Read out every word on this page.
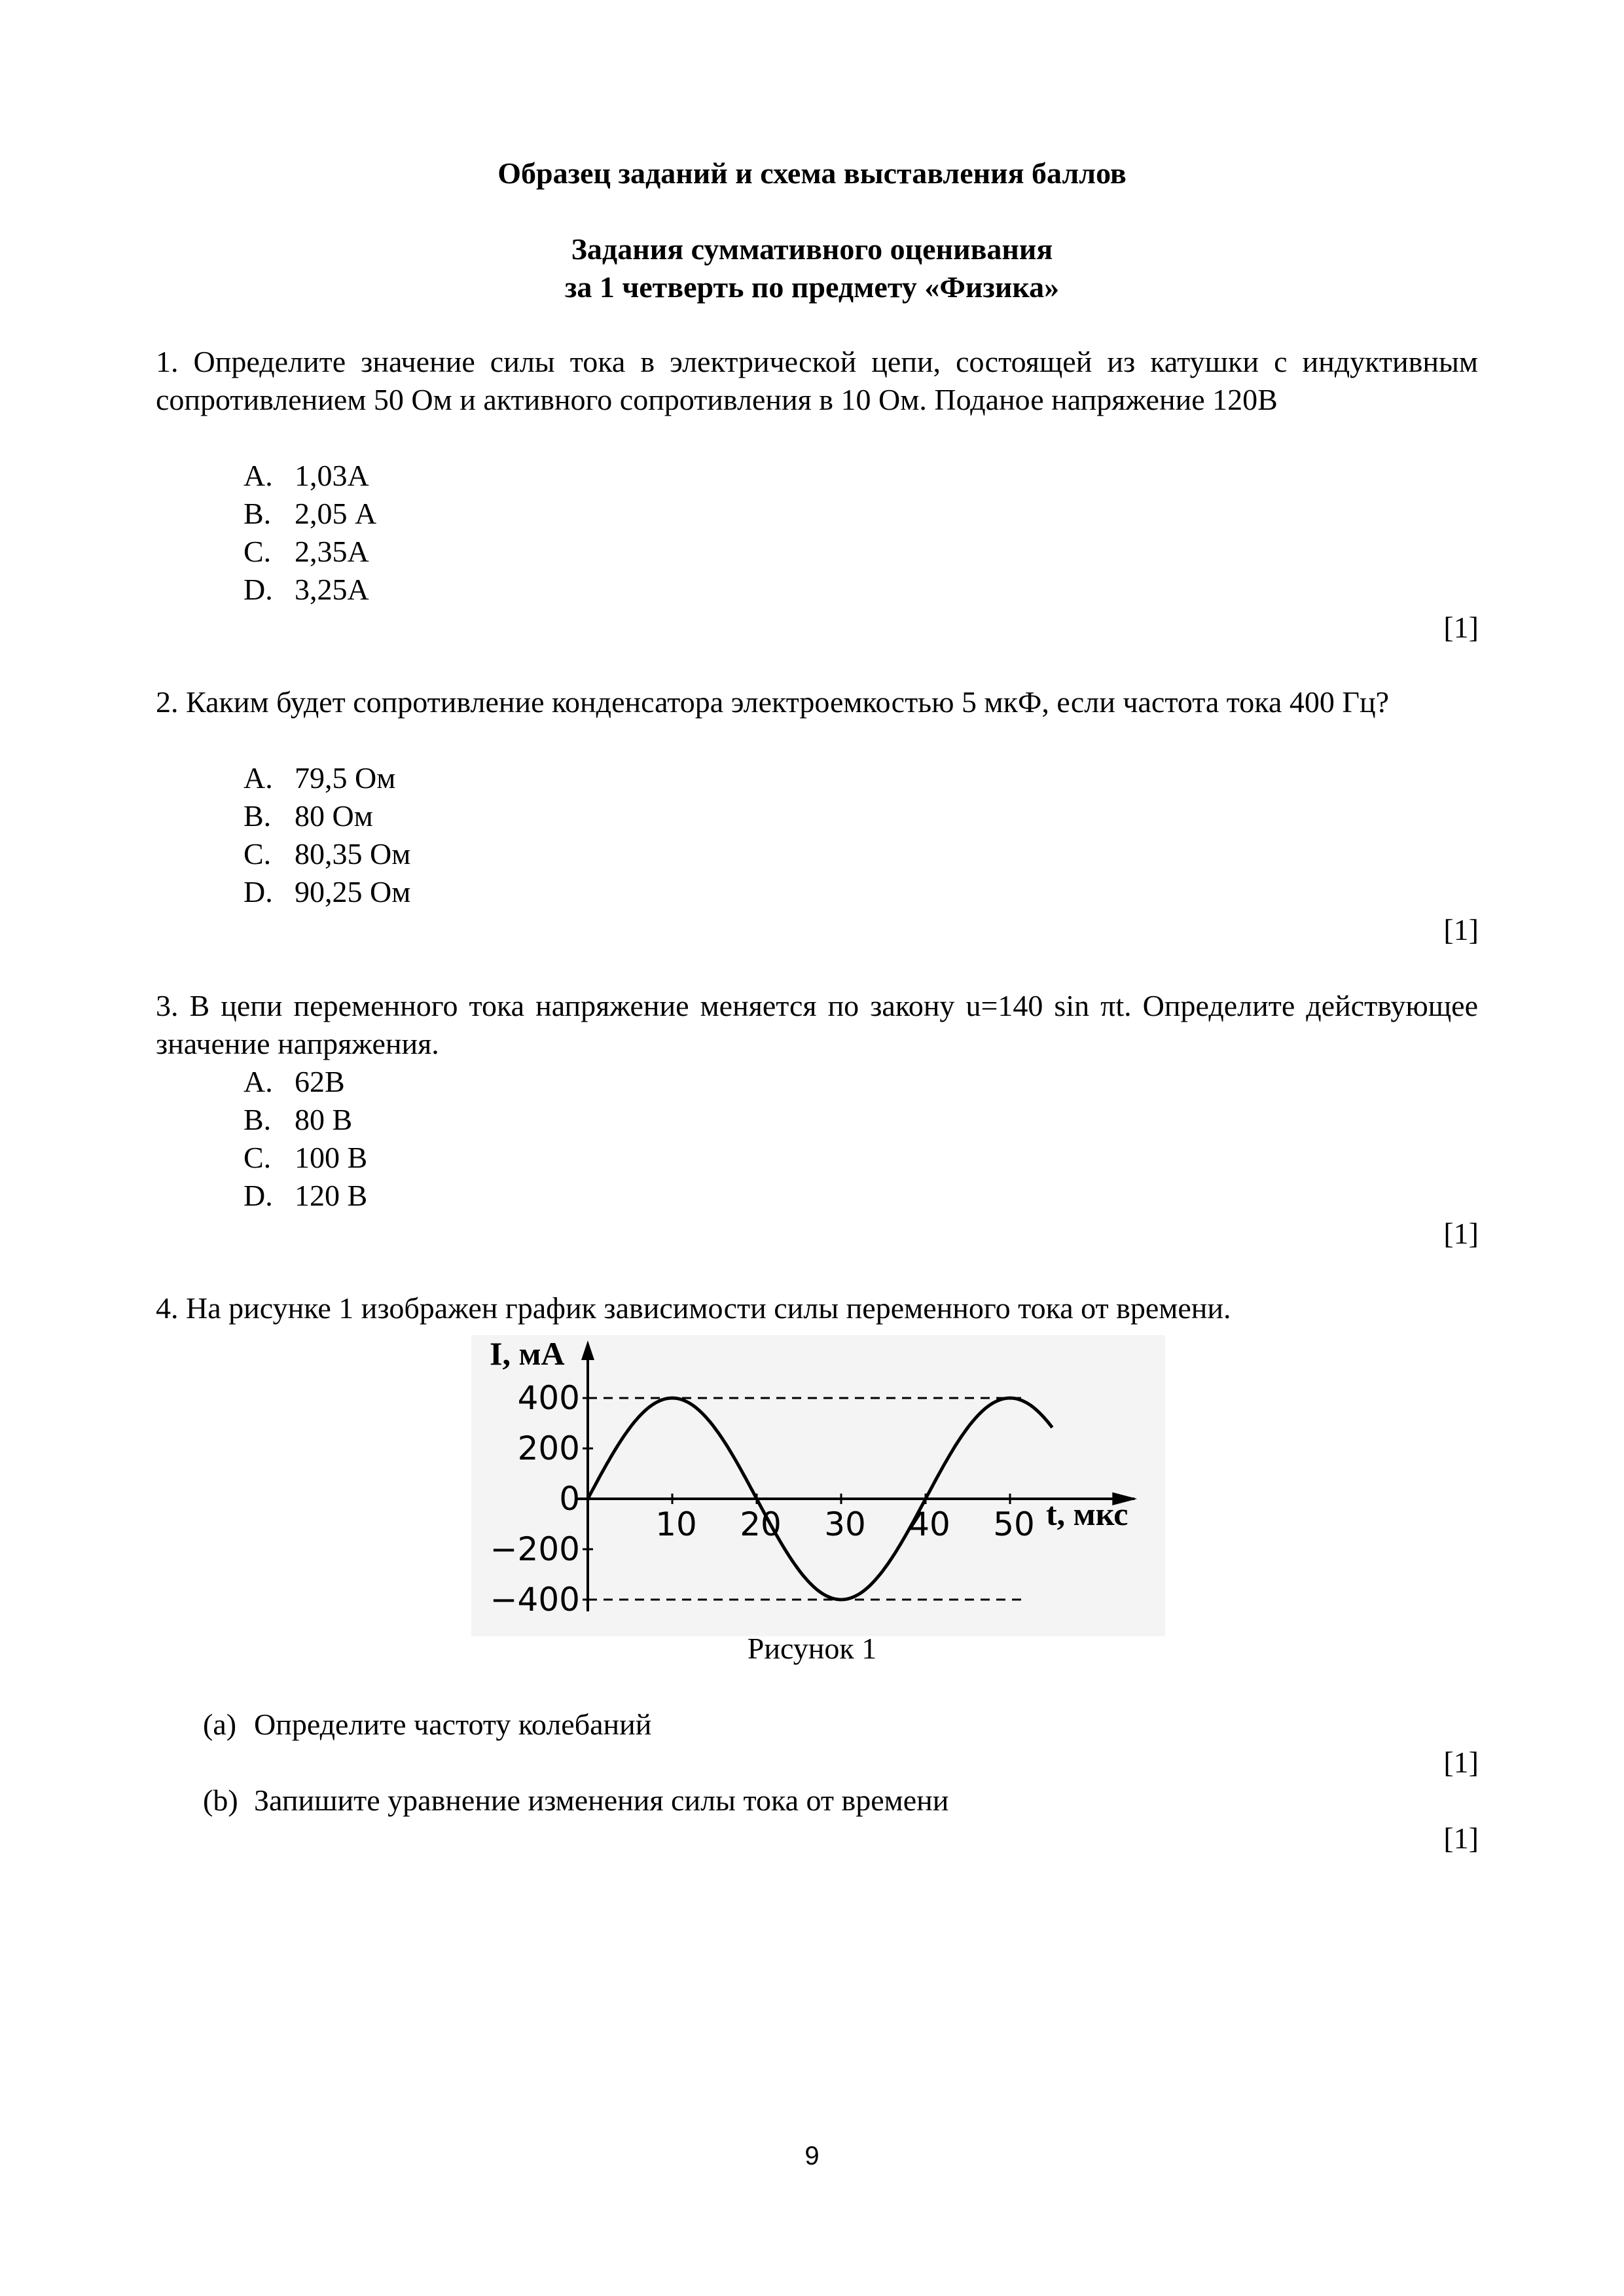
Образец заданий и схема выставления баллов
Задания суммативного оценивания
за 1 четверть по предмету «Физика»
1. Определите значение силы тока в электрической цепи, состоящей из катушки с индуктивным сопротивлением 50 Ом и активного сопротивления в 10 Ом. Поданое напряжение 120В
A. 1,03А
B. 2,05 А
C. 2,35А
D. 3,25А
[1]
2. Каким будет сопротивление конденсатора электроемкостью 5 мкФ, если частота тока 400 Гц?
A. 79,5 Ом
B. 80 Ом
C. 80,35 Ом
D. 90,25 Ом
[1]
3. В цепи переменного тока напряжение меняется по закону u=140 sin πt. Определите действующее значение напряжения.
A. 62В
B. 80 В
C. 100 В
D. 120 В
[1]
4. На рисунке 1 изображен график зависимости силы переменного тока от времени.
400
200
0
−200
−400
10 20 30 40 50
I, мА
t, мкс
Рисунок 1
(a) Определите частоту колебаний
[1]
(b) Запишите уравнение изменения силы тока от времени
[1]
9
